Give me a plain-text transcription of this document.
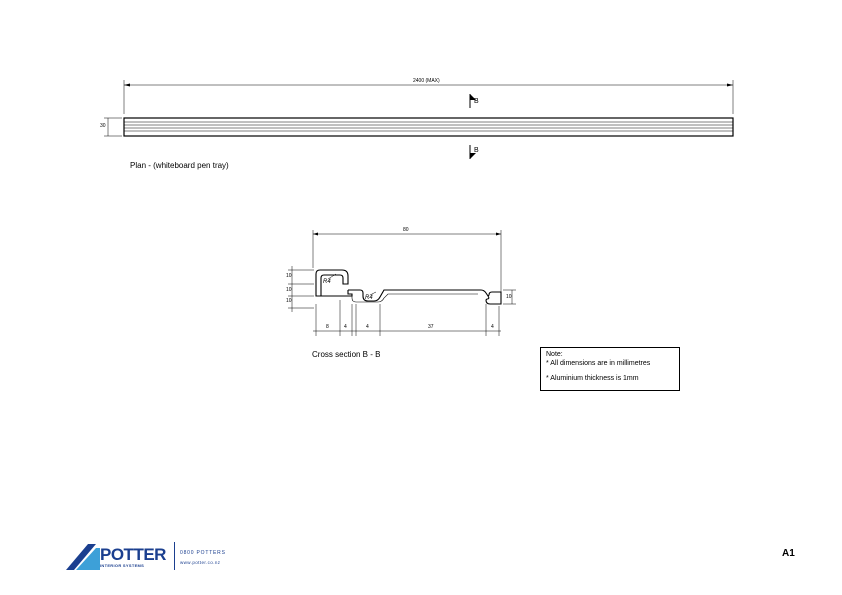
2400 (MAX)
30
B
B
Plan - (whiteboard pen tray)
80
10
10
10
10
8	4	4	37	4
R4
R4
Cross section B - B	Note:
* All dimensions are in millimetres
* Aluminium thickness is 1mm
POTTER
INTERIOR SYSTEMS
0800 POTTERS
www.potter.co.nz
A1
